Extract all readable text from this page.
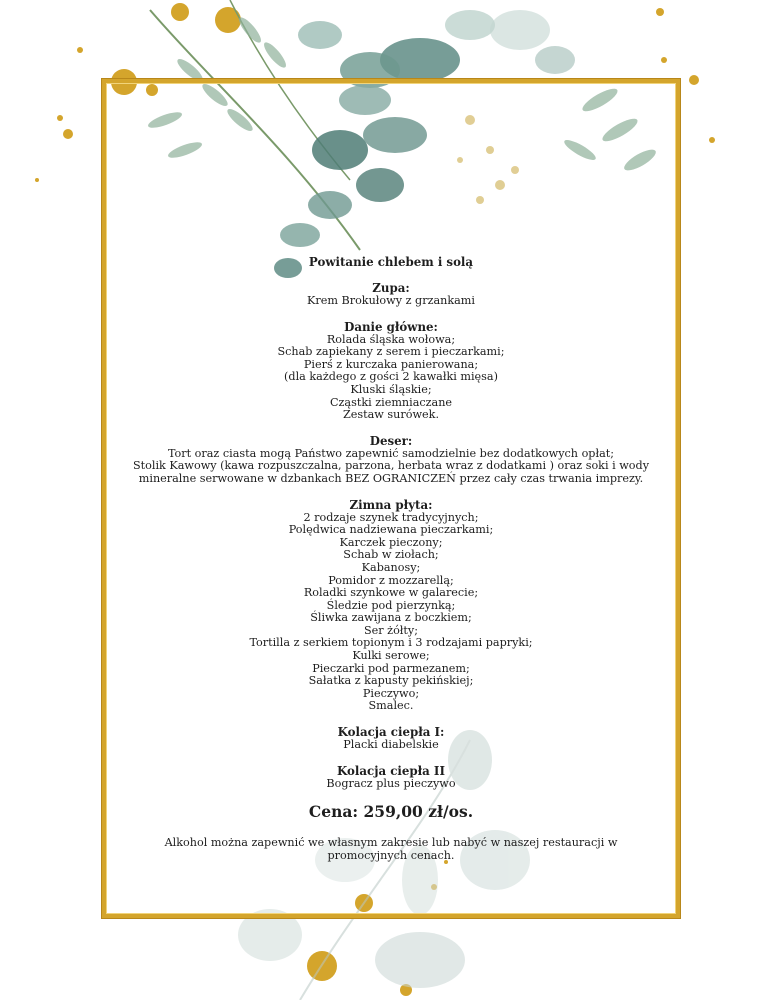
Powitanie chlebem i solą
Zupa:
Krem Brokułowy z grzankami
Danie główne:
Rolada śląska wołowa;
Schab zapiekany z serem i pieczarkami;
Pierś z kurczaka panierowana;
(dla każdego z gości 2 kawałki mięsa)
Kluski śląskie;
Cząstki ziemniaczane
Zestaw surówek.
Deser:
Tort oraz ciasta mogą Państwo zapewnić samodzielnie bez dodatkowych opłat;
Stolik Kawowy (kawa rozpuszczalna, parzona, herbata wraz z dodatkami ) oraz soki i wody
mineralne serwowane w dzbankach BEZ OGRANICZEŃ przez cały czas trwania imprezy.
Zimna płyta:
2 rodzaje szynek tradycyjnych;
Polędwica nadziewana pieczarkami;
Karczek pieczony;
Schab w ziołach;
Kabanosy;
Pomidor z mozzarellą;
Roladki szynkowe w galarecie;
Śledzie pod pierzynką;
Śliwka zawijana z boczkiem;
Ser żółty;
Tortilla z serkiem topionym i 3 rodzajami papryki;
Kulki serowe;
Pieczarki pod parmezanem;
Sałatka z kapusty pekińskiej;
Pieczywo;
Smalec.
Kolacja ciepła I:
Placki diabelskie
Kolacja ciepła II
Bogracz plus pieczywo
Cena: 259,00 zł/os.
Alkohol można zapewnić we własnym zakresie lub nabyć w naszej restauracji w promocyjnych cenach.
